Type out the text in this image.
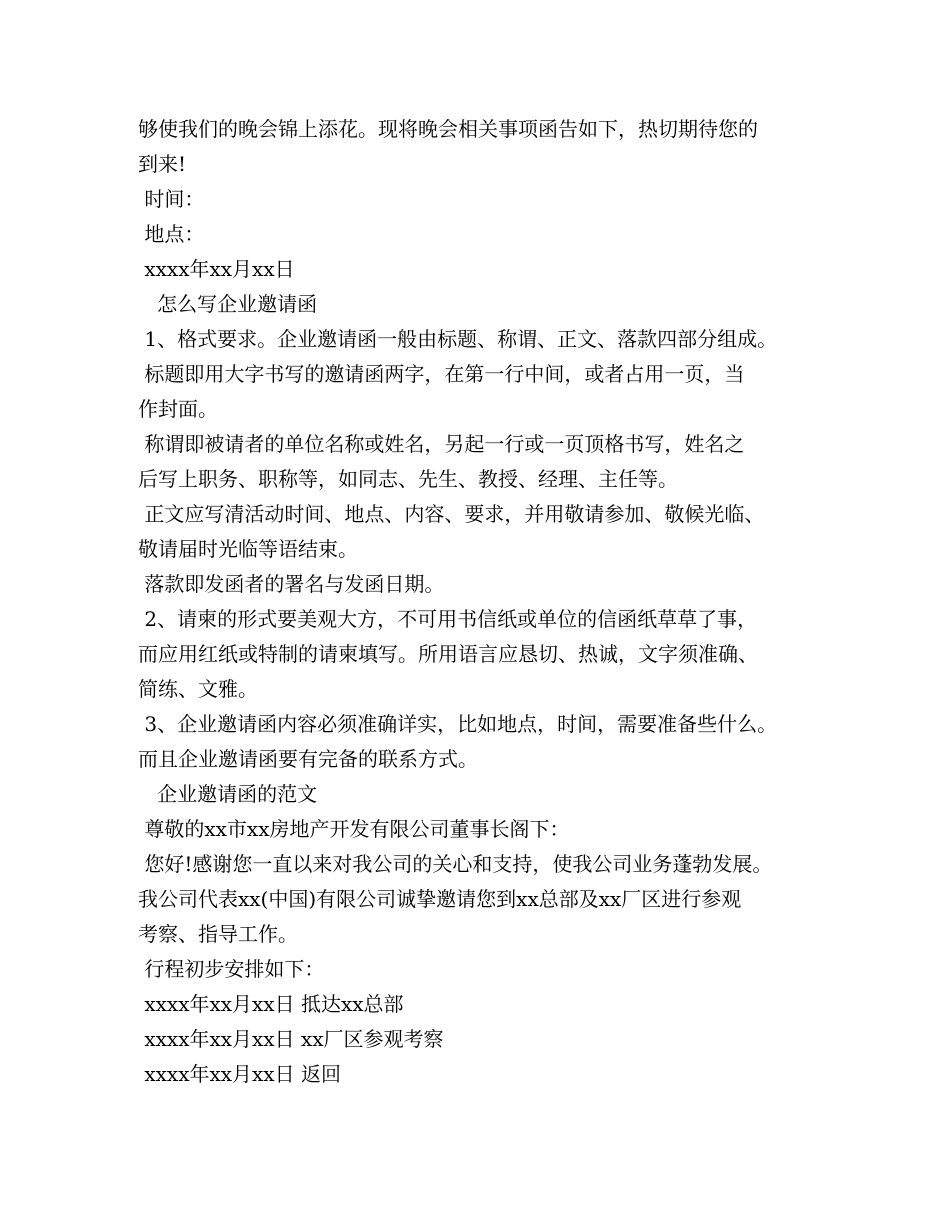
够使我们的晚会锦上添花。现将晚会相关事项函告如下，热切期待您的
到来!
时间：
地点：
xxxx年xx月xx日
怎么写企业邀请函
1、格式要求。企业邀请函一般由标题、称谓、正文、落款四部分组成。
标题即用大字书写的邀请函两字，在第一行中间，或者占用一页，当
作封面。
称谓即被请者的单位名称或姓名，另起一行或一页顶格书写，姓名之
后写上职务、职称等，如同志、先生、教授、经理、主任等。
正文应写清活动时间、地点、内容、要求，并用敬请参加、敬候光临、
敬请届时光临等语结束。
落款即发函者的署名与发函日期。
2、请柬的形式要美观大方，不可用书信纸或单位的信函纸草草了事，
而应用红纸或特制的请柬填写。所用语言应恳切、热诚，文字须准确、
简练、文雅。
3、企业邀请函内容必须准确详实，比如地点，时间，需要准备些什么。
而且企业邀请函要有完备的联系方式。
企业邀请函的范文
尊敬的xx市xx房地产开发有限公司董事长阁下：
您好!感谢您一直以来对我公司的关心和支持，使我公司业务蓬勃发展。
我公司代表xx(中国)有限公司诚挚邀请您到xx总部及xx厂区进行参观
考察、指导工作。
行程初步安排如下：
xxxx年xx月xx日 抵达xx总部
xxxx年xx月xx日 xx厂区参观考察
xxxx年xx月xx日 返回
